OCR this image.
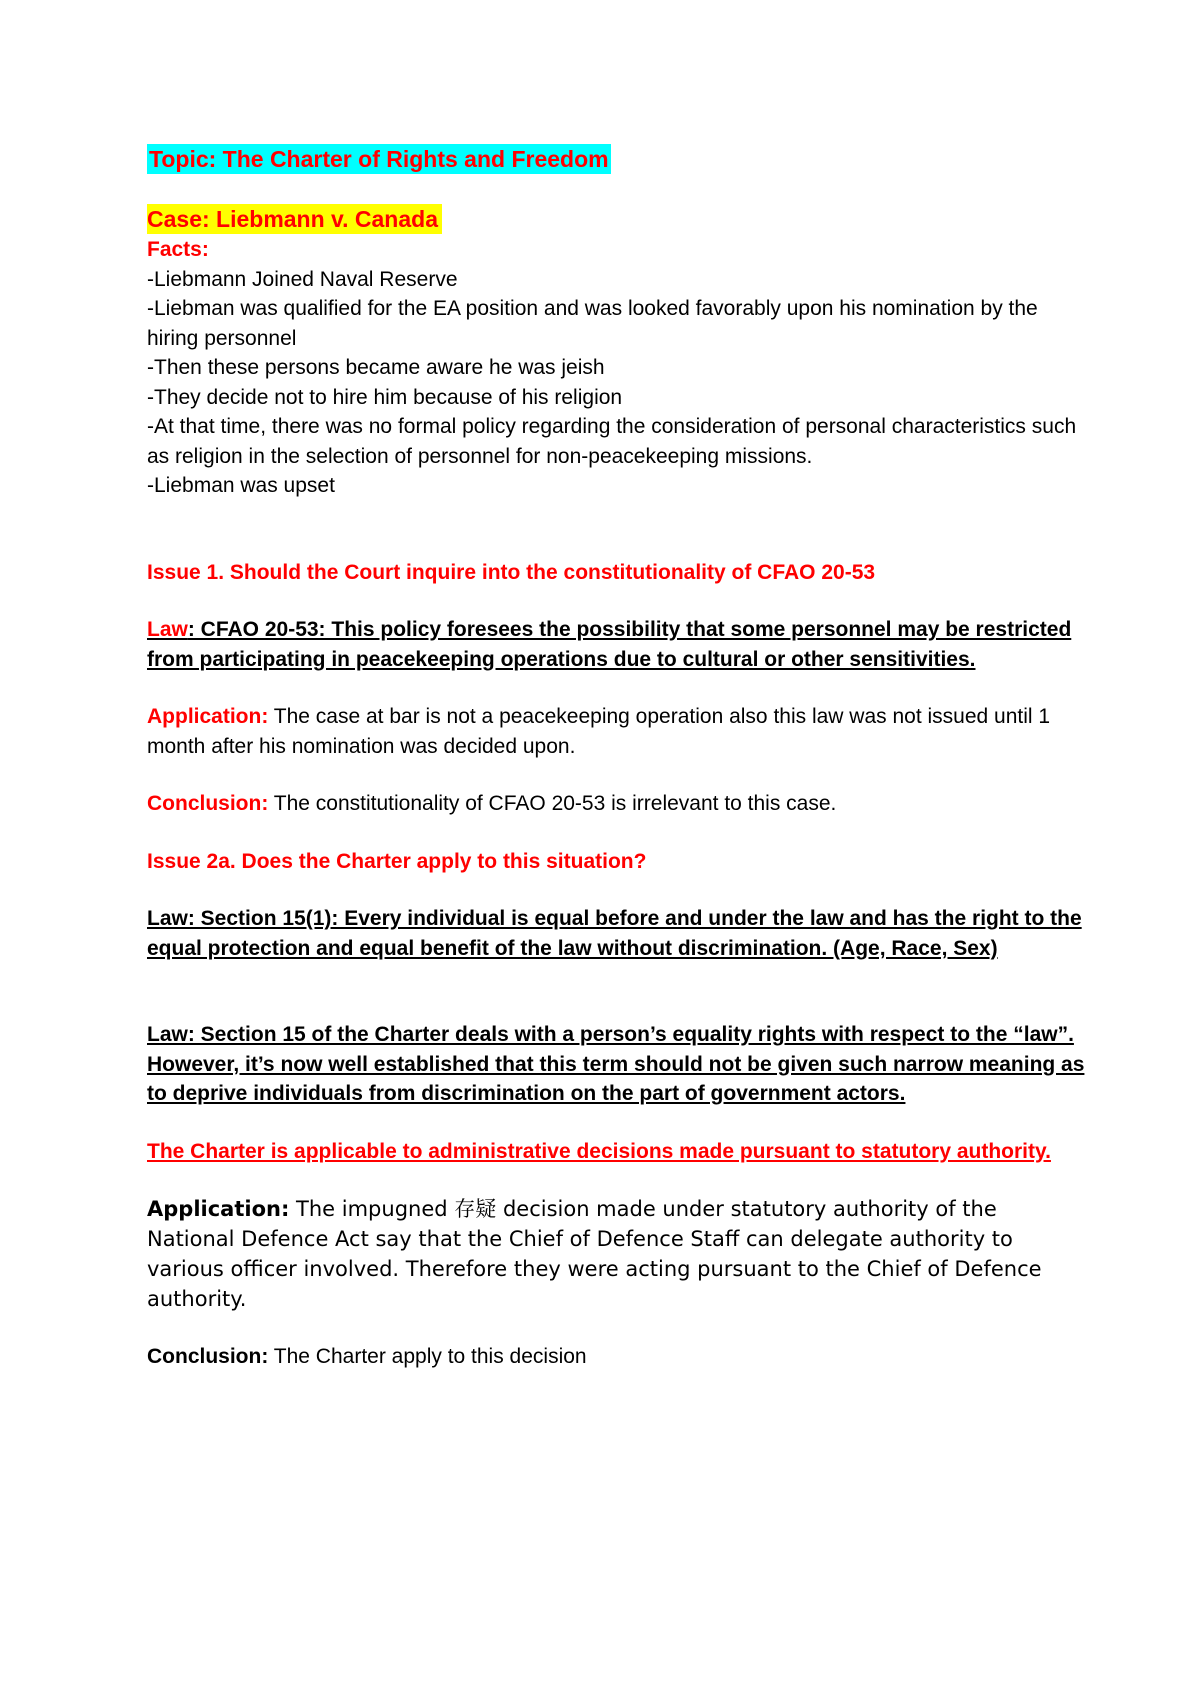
Topic: The Charter of Rights and Freedom
Case: Liebmann v. Canada
Facts:

-Liebmann Joined Naval Reserve

-Liebman was qualified for the EA position and was looked favorably upon his nomination by the hiring personnel

-Then these persons became aware he was jeish

-They decide not to hire him because of his religion

-At that time, there was no formal policy regarding the consideration of personal characteristics such as religion in the selection of personnel for non-peacekeeping missions.

-Liebman was upset

Issue 1. Should the Court inquire into the constitutionality of CFAO 20-53

Law: CFAO 20-53: This policy foresees the possibility that some personnel may be restricted from participating in peacekeeping operations due to cultural or other sensitivities.

Application: The case at bar is not a peacekeeping operation also this law was not issued until 1 month after his nomination was decided upon.

Conclusion: The constitutionality of CFAO 20-53 is irrelevant to this case.

Issue 2a. Does the Charter apply to this situation?

Law: Section 15(1): Every individual is equal before and under the law and has the right to the equal protection and equal benefit of the law without discrimination. (Age, Race, Sex)

Law: Section 15 of the Charter deals with a person’s equality rights with respect to the “law”. However, it’s now well established that this term should not be given such narrow meaning as to deprive individuals from discrimination on the part of government actors.

The Charter is applicable to administrative decisions made pursuant to statutory authority.

Application: The impugned 存疑 decision made under statutory authority of the National Defence Act say that the Chief of Defence Staff can delegate authority to various officer involved. Therefore they were acting pursuant to the Chief of Defence authority.

Conclusion: The Charter apply to this decision
